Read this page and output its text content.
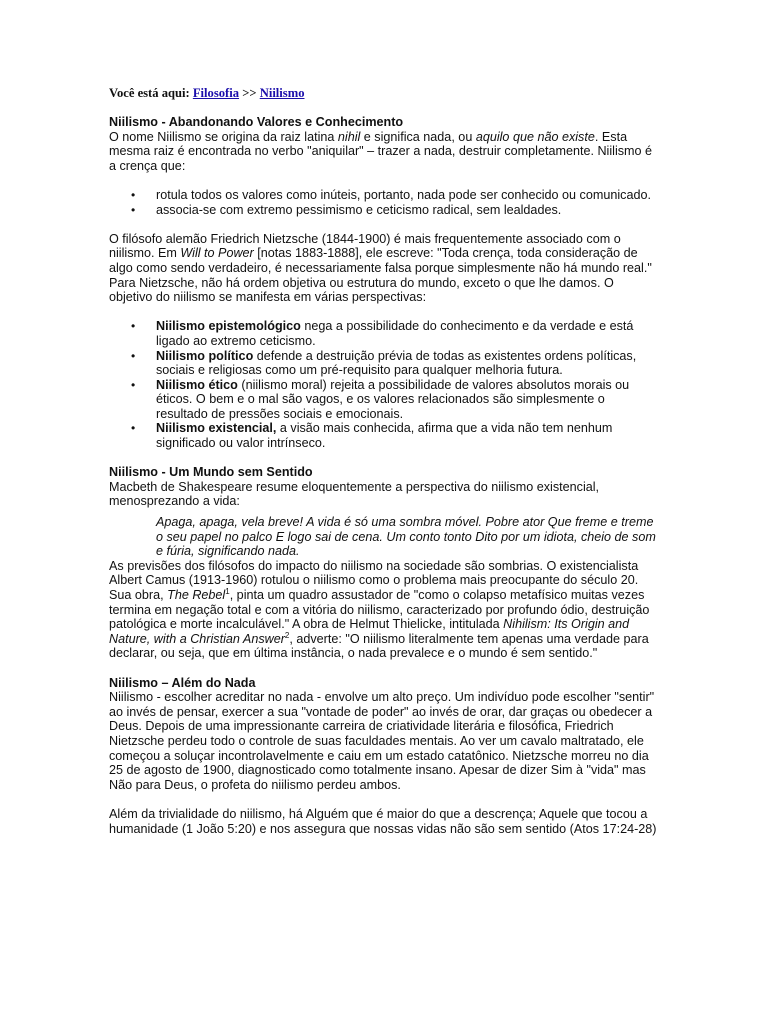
Você está aqui: Filosofia >> Niilismo
Niilismo - Abandonando Valores e Conhecimento

O nome Niilismo se origina da raiz latina nihil e significa nada, ou aquilo que não existe. Esta mesma raiz é encontrada no verbo "aniquilar" – trazer a nada, destruir completamente. Niilismo é a crença que:

• rotula todos os valores como inúteis, portanto, nada pode ser conhecido ou comunicado.
• associa-se com extremo pessimismo e ceticismo radical, sem lealdades.

O filósofo alemão Friedrich Nietzsche (1844-1900) é mais frequentemente associado com o niilismo. Em Will to Power [notas 1883-1888], ele escreve: "Toda crença, toda consideração de algo como sendo verdadeiro, é necessariamente falsa porque simplesmente não há mundo real." Para Nietzsche, não há ordem objetiva ou estrutura do mundo, exceto o que lhe damos. O objetivo do niilismo se manifesta em várias perspectivas:

• Niilismo epistemológico nega a possibilidade do conhecimento e da verdade e está ligado ao extremo ceticismo.
• Niilismo político defende a destruição prévia de todas as existentes ordens políticas, sociais e religiosas como um pré-requisito para qualquer melhoria futura.
• Niilismo ético (niilismo moral) rejeita a possibilidade de valores absolutos morais ou éticos. O bem e o mal são vagos, e os valores relacionados são simplesmente o resultado de pressões sociais e emocionais.
• Niilismo existencial, a visão mais conhecida, afirma que a vida não tem nenhum significado ou valor intrínseco.
Niilismo - Um Mundo sem Sentido

Macbeth de Shakespeare resume eloquentemente a perspectiva do niilismo existencial, menosprezando a vida:

Apaga, apaga, vela breve! A vida é só uma sombra móvel. Pobre ator Que freme e treme o seu papel no palco E logo sai de cena. Um conto tonto Dito por um idiota, cheio de som e fúria, significando nada.

As previsões dos filósofos do impacto do niilismo na sociedade são sombrias. O existencialista Albert Camus (1913-1960) rotulou o niilismo como o problema mais preocupante do século 20. Sua obra, The Rebel$^1$, pinta um quadro assustador de "como o colapso metafísico muitas vezes termina em negação total e com a vitória do niilismo, caracterizado por profundo ódio, destruição patológica e morte incalculável." A obra de Helmut Thielicke, intitulada Nihilism: Its Origin and Nature, with a Christian Answer$^2$, adverte: "O niilismo literalmente tem apenas uma verdade para declarar, ou seja, que em última instância, o nada prevalece e o mundo é sem sentido."

Niilismo – Além do Nada

Niilismo - escolher acreditar no nada - envolve um alto preço. Um indivíduo pode escolher "sentir" ao invés de pensar, exercer a sua "vontade de poder" ao invés de orar, dar graças ou obedecer a Deus. Depois de uma impressionante carreira de criatividade literária e filosófica, Friedrich Nietzsche perdeu todo o controle de suas faculdades mentais. Ao ver um cavalo maltratado, ele começou a soluçar incontrolavelmente e caiu em um estado catatônico. Nietzsche morreu no dia 25 de agosto de 1900, diagnosticado como totalmente insano. Apesar de dizer Sim à "vida" mas Não para Deus, o profeta do niilismo perdeu ambos.

Além da trivialidade do niilismo, há Alguém que é maior do que a descrença; Aquele que tocou a humanidade (1 João 5:20) e nos assegura que nossas vidas não são sem sentido (Atos 17:24-28)
